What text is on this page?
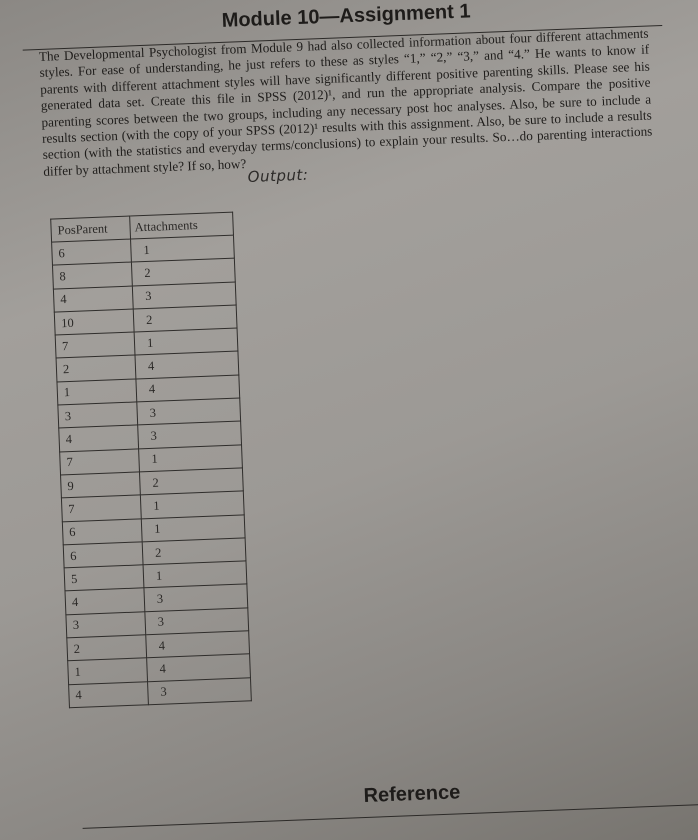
Module 10—Assignment 1
The Developmental Psychologist from Module 9 had also collected information about four different attachments styles. For ease of understanding, he just refers to these as styles “1,” “2,” “3,” and “4.” He wants to know if parents with different attachment styles will have significantly different positive parenting skills. Please see his generated data set. Create this file in SPSS (2012)¹, and run the appropriate analysis. Compare the positive parenting scores between the two groups, including any necessary post hoc analyses. Also, be sure to include a results section (with the copy of your SPSS (2012)¹ results with this assignment. Also, be sure to include a results section (with the statistics and everyday terms/conclusions) to explain your results. So…do parenting interactions differ by attachment style? If so, how? Output:
PosParent	Attachments
6	1
8	2
4	3
10	2
7	1
2	4
1	4
3	3
4	3
7	1
9	2
7	1
6	1
6	2
5	1
4	3
3	3
2	4
1	4
4	3
Reference
